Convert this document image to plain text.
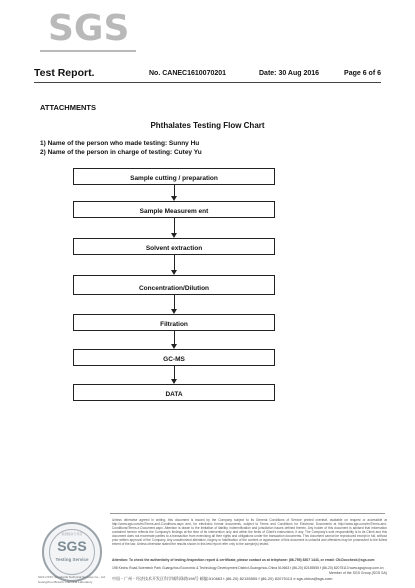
SGS
Test Report.	No. CANEC1610070201	Date: 30 Aug 2016	Page 6 of 6
ATTACHMENTS
Phthalates Testing Flow Chart
1) Name of the person who made testing: Sunny Hu
2) Name of the person in charge of testing: Cutey Yu
Sample cutting / preparation
Sample Measurem ent
Solvent extraction
Concentration/Dilution
Filtration
GC-MS
DATA
检测服务专用章
SGS
Testing Service
SGS-CSTC Standards Technical Services Co., Ltd.
Guangzhou Branch Chemical Laboratory
Unless otherwise agreed in writing, this document is issued by the Company subject to its General Conditions of Service printed overleaf, available on request or accessible at http://www.sgs.com/en/Terms-and-Conditions.aspx and, for electronic format documents, subject to Terms and Conditions for Electronic Documents at http://www.sgs.com/en/Terms-and-Conditions/Terms-e-Document.aspx. Attention is drawn to the limitation of liability, indemnification and jurisdiction issues defined therein. Any holder of this document is advised that information contained hereon reflects the Company's findings at the time of its intervention only and within the limits of Client's instructions, if any. The Company's sole responsibility is to its Client and this document does not exonerate parties to a transaction from exercising all their rights and obligations under the transaction documents. This document cannot be reproduced except in full, without prior written approval of the Company. Any unauthorized alteration, forgery or falsification of the content or appearance of this document is unlawful and offenders may be prosecuted to the fullest extent of the law. Unless otherwise stated the results shown in this test report refer only to the sample(s) tested.
Attention: To check the authenticity of testing /inspection report & certificate, please contact us at telephone: (86-755) 8307 1443, or email: CN.Doccheck@sgs.com
198 Kezhu Road,Scientech Park Guangzhou Economic & Technology Development District,Guangzhou,China 510663 t (86-20) 82155555 f (86-20) 82075113 www.sgsgroup.com.cn
Member of the SGS Group (SGS SA)
中国・广州・经济技术开发区科学城科珠路198号 邮编:510663 t (86-20) 82155555 f (86-20) 82075113 e sgs.china@sgs.com
